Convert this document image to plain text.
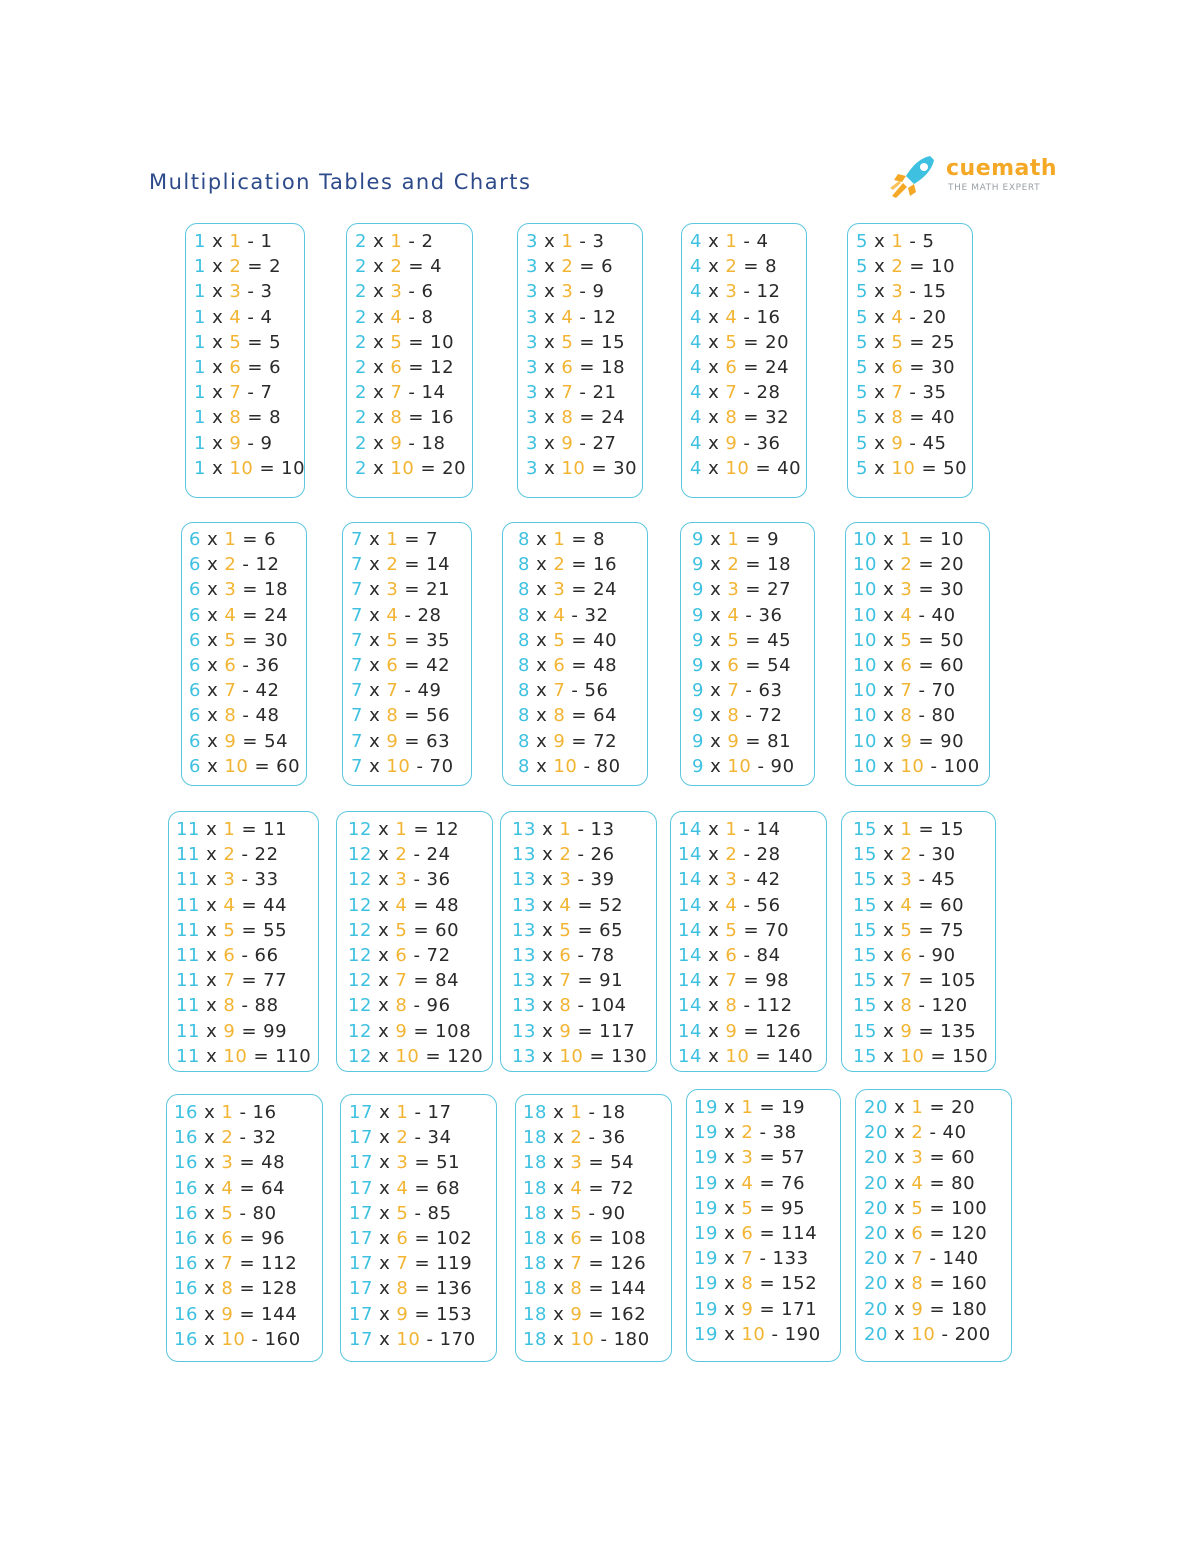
Multiplication Tables and Charts
cuemath
THE MATH EXPERT
1 x 1 - 1
1 x 2 = 2
1 x 3 - 3
1 x 4 - 4
1 x 5 = 5
1 x 6 = 6
1 x 7 - 7
1 x 8 = 8
1 x 9 - 9
1 x 10 = 10
2 x 1 - 2
2 x 2 = 4
2 x 3 - 6
2 x 4 - 8
2 x 5 = 10
2 x 6 = 12
2 x 7 - 14
2 x 8 = 16
2 x 9 - 18
2 x 10 = 20
3 x 1 - 3
3 x 2 = 6
3 x 3 - 9
3 x 4 - 12
3 x 5 = 15
3 x 6 = 18
3 x 7 - 21
3 x 8 = 24
3 x 9 - 27
3 x 10 = 30
4 x 1 - 4
4 x 2 = 8
4 x 3 - 12
4 x 4 - 16
4 x 5 = 20
4 x 6 = 24
4 x 7 - 28
4 x 8 = 32
4 x 9 - 36
4 x 10 = 40
5 x 1 - 5
5 x 2 = 10
5 x 3 - 15
5 x 4 - 20
5 x 5 = 25
5 x 6 = 30
5 x 7 - 35
5 x 8 = 40
5 x 9 - 45
5 x 10 = 50
6 x 1 = 6
6 x 2 - 12
6 x 3 = 18
6 x 4 = 24
6 x 5 = 30
6 x 6 - 36
6 x 7 - 42
6 x 8 - 48
6 x 9 = 54
6 x 10 = 60
7 x 1 = 7
7 x 2 = 14
7 x 3 = 21
7 x 4 - 28
7 x 5 = 35
7 x 6 = 42
7 x 7 - 49
7 x 8 = 56
7 x 9 = 63
7 x 10 - 70
8 x 1 = 8
8 x 2 = 16
8 x 3 = 24
8 x 4 - 32
8 x 5 = 40
8 x 6 = 48
8 x 7 - 56
8 x 8 = 64
8 x 9 = 72
8 x 10 - 80
9 x 1 = 9
9 x 2 = 18
9 x 3 = 27
9 x 4 - 36
9 x 5 = 45
9 x 6 = 54
9 x 7 - 63
9 x 8 - 72
9 x 9 = 81
9 x 10 - 90
10 x 1 = 10
10 x 2 = 20
10 x 3 = 30
10 x 4 - 40
10 x 5 = 50
10 x 6 = 60
10 x 7 - 70
10 x 8 - 80
10 x 9 = 90
10 x 10 - 100
11 x 1 = 11
11 x 2 - 22
11 x 3 - 33
11 x 4 = 44
11 x 5 = 55
11 x 6 - 66
11 x 7 = 77
11 x 8 - 88
11 x 9 = 99
11 x 10 = 110
12 x 1 = 12
12 x 2 - 24
12 x 3 - 36
12 x 4 = 48
12 x 5 = 60
12 x 6 - 72
12 x 7 = 84
12 x 8 - 96
12 x 9 = 108
12 x 10 = 120
13 x 1 - 13
13 x 2 - 26
13 x 3 - 39
13 x 4 = 52
13 x 5 = 65
13 x 6 - 78
13 x 7 = 91
13 x 8 - 104
13 x 9 = 117
13 x 10 = 130
14 x 1 - 14
14 x 2 - 28
14 x 3 - 42
14 x 4 - 56
14 x 5 = 70
14 x 6 - 84
14 x 7 = 98
14 x 8 - 112
14 x 9 = 126
14 x 10 = 140
15 x 1 = 15
15 x 2 - 30
15 x 3 - 45
15 x 4 = 60
15 x 5 = 75
15 x 6 - 90
15 x 7 = 105
15 x 8 - 120
15 x 9 = 135
15 x 10 = 150
16 x 1 - 16
16 x 2 - 32
16 x 3 = 48
16 x 4 = 64
16 x 5 - 80
16 x 6 = 96
16 x 7 = 112
16 x 8 = 128
16 x 9 = 144
16 x 10 - 160
17 x 1 - 17
17 x 2 - 34
17 x 3 = 51
17 x 4 = 68
17 x 5 - 85
17 x 6 = 102
17 x 7 = 119
17 x 8 = 136
17 x 9 = 153
17 x 10 - 170
18 x 1 - 18
18 x 2 - 36
18 x 3 = 54
18 x 4 = 72
18 x 5 - 90
18 x 6 = 108
18 x 7 = 126
18 x 8 = 144
18 x 9 = 162
18 x 10 - 180
19 x 1 = 19
19 x 2 - 38
19 x 3 = 57
19 x 4 = 76
19 x 5 = 95
19 x 6 = 114
19 x 7 - 133
19 x 8 = 152
19 x 9 = 171
19 x 10 - 190
20 x 1 = 20
20 x 2 - 40
20 x 3 = 60
20 x 4 = 80
20 x 5 = 100
20 x 6 = 120
20 x 7 - 140
20 x 8 = 160
20 x 9 = 180
20 x 10 - 200
